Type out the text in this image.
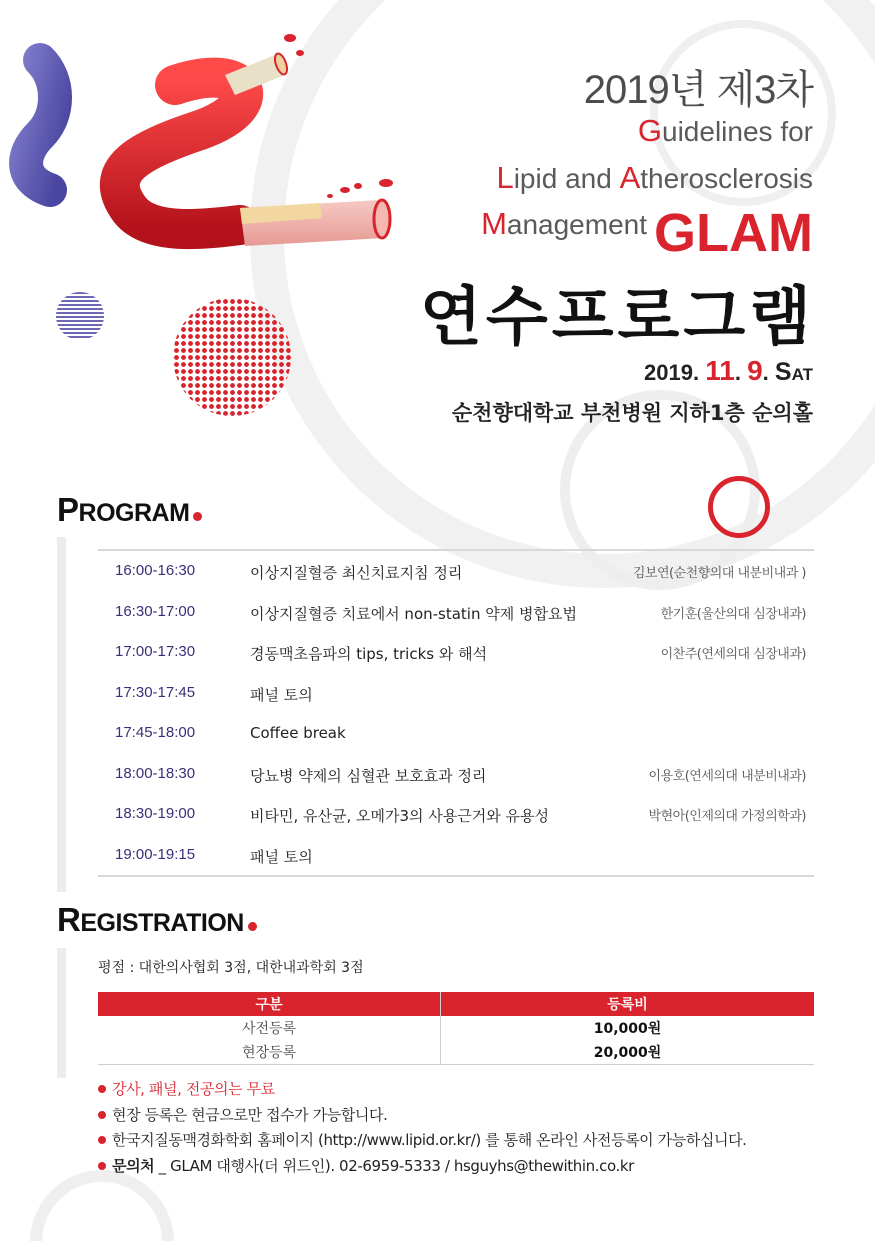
2019년 제3차
Guidelines for
Lipid and Atherosclerosis
Management GLAM
연수프로그램
2019. 11. 9. SAT
순천향대학교 부천병원 지하1층 순의홀
PROGRAM
16:00-16:30	이상지질혈증 최신치료지침 정리	김보연(순천향의대 내분비내과 )
16:30-17:00	이상지질혈증 치료에서 non-statin 약제 병합요법	한기훈(울산의대 심장내과)
17:00-17:30	경동맥초음파의 tips, tricks 와 해석	이찬주(연세의대 심장내과)
17:30-17:45	패널 토의
17:45-18:00	Coffee break
18:00-18:30	당뇨병 약제의 심혈관 보호효과 정리	이용호(연세의대 내분비내과)
18:30-19:00	비타민, 유산균, 오메가3의 사용근거와 유용성	박현아(인제의대 가정의학과)
19:00-19:15	패널 토의
REGISTRATION
평점 : 대한의사협회 3점, 대한내과학회 3점
구분	등록비
사전등록	10,000원
현장등록	20,000원
강사, 패널, 전공의는 무료
현장 등록은 현금으로만 접수가 가능합니다.
한국지질동맥경화학회 홈페이지 (http://www.lipid.or.kr/) 를 통해 온라인 사전등록이 가능하십니다.
문의처 _ GLAM 대행사(더 위드인). 02-6959-5333 / hsguyhs@thewithin.co.kr
